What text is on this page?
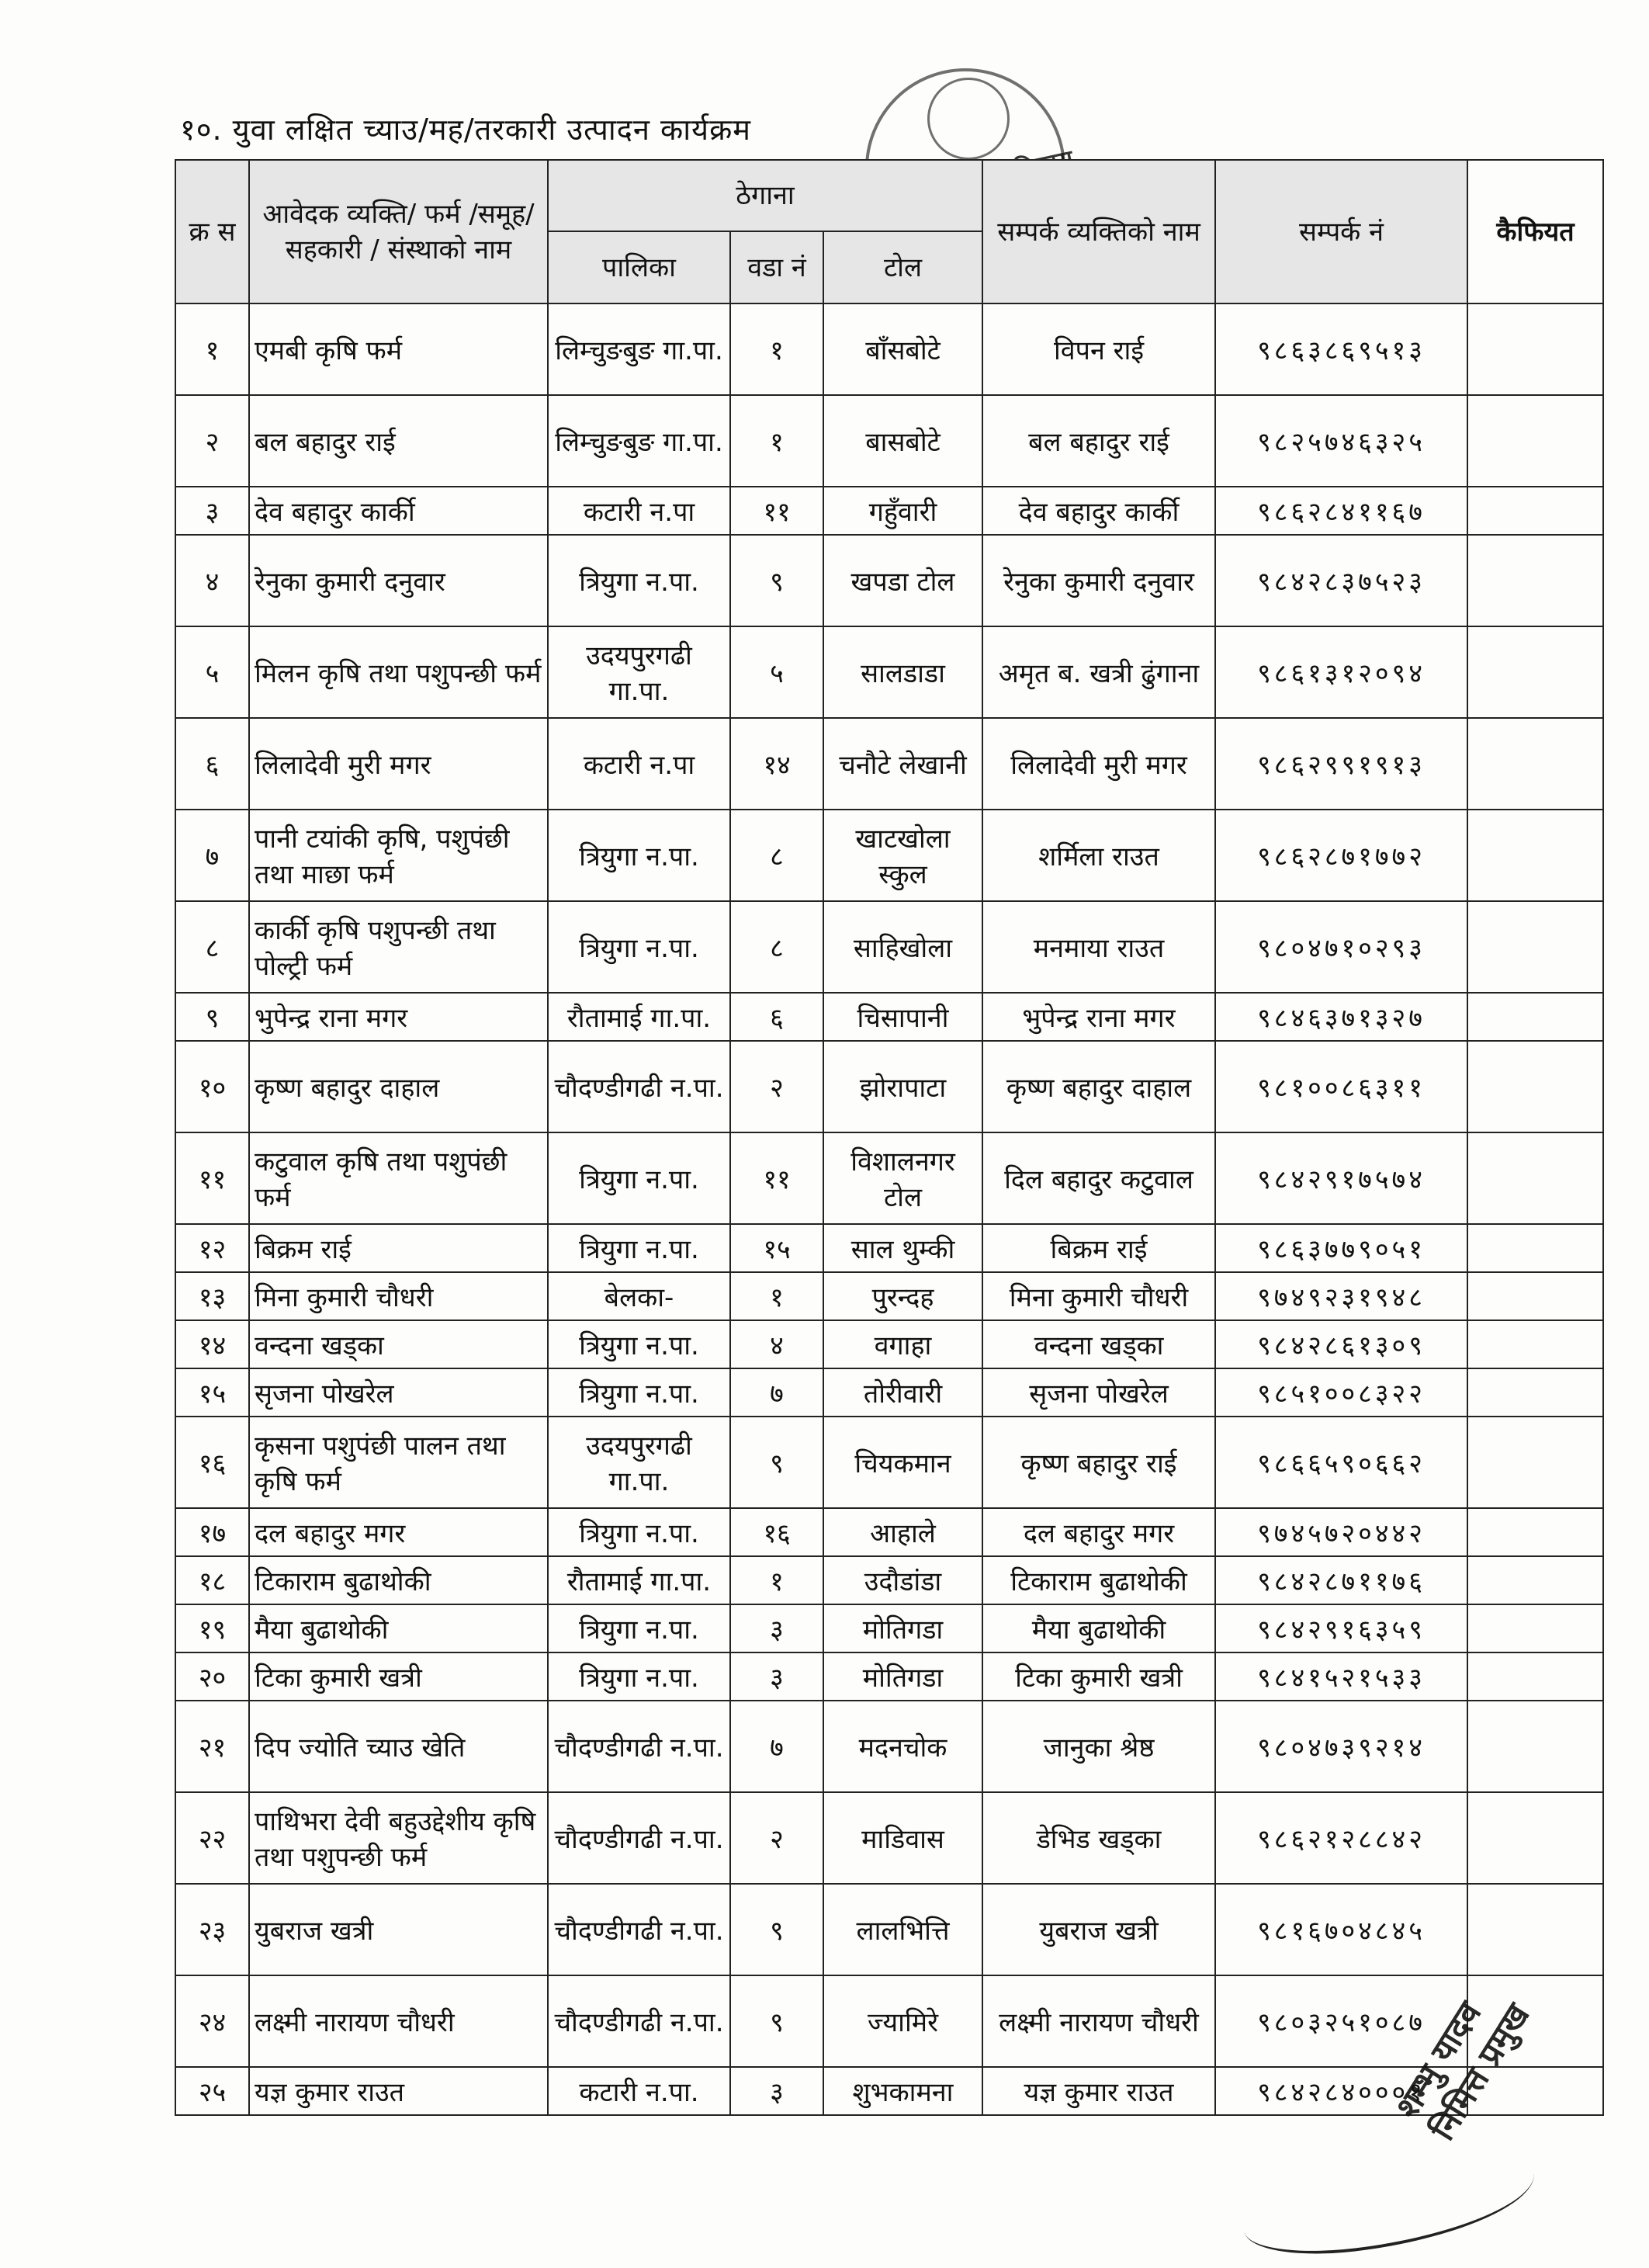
१०. युवा लक्षित च्याउ/मह/तरकारी उत्पादन कार्यक्रम
क्र स	आवेदक व्यक्ति/ फर्म /समूह/ सहकारी / संस्थाको नाम	ठेगाना			सम्पर्क व्यक्तिको नाम	सम्पर्क नं	कैफियत
		पालिका	वडा नं	टोल			
१	एमबी कृषि फर्म	लिम्चुङबुङ गा.पा.	१	बाँसबोटे	विपन राई	९८६३८६९५१३	
२	बल बहादुर राई	लिम्चुङबुङ गा.पा.	१	बासबोटे	बल बहादुर राई	९८२५७४६३२५	
३	देव बहादुर कार्की	कटारी न.पा	११	गहुँवारी	देव बहादुर कार्की	९८६२८४११६७	
४	रेनुका कुमारी दनुवार	त्रियुगा न.पा.	९	खपडा टोल	रेनुका कुमारी दनुवार	९८४२८३७५२३	
५	मिलन कृषि तथा पशुपन्छी फर्म	उदयपुरगढी गा.पा.	५	सालडाडा	अमृत ब. खत्री ढुंगाना	९८६१३१२०९४	
६	लिलादेवी मुरी मगर	कटारी न.पा	१४	चनौटे लेखानी	लिलादेवी मुरी मगर	९८६२९९१९१३	
७	पानी टयांकी कृषि, पशुपंछी तथा माछा फर्म	त्रियुगा न.पा.	८	खाटखोला स्कुल	शर्मिला राउत	९८६२८७१७७२	
८	कार्की कृषि पशुपन्छी तथा पोल्ट्री फर्म	त्रियुगा न.पा.	८	साहिखोला	मनमाया राउत	९८०४७१०२९३	
९	भुपेन्द्र राना मगर	रौतामाई गा.पा.	६	चिसापानी	भुपेन्द्र राना मगर	९८४६३७१३२७	
१०	कृष्ण बहादुर दाहाल	चौदण्डीगढी न.पा.	२	झोरापाटा	कृष्ण बहादुर दाहाल	९८१००८६३११	
११	कटुवाल कृषि तथा पशुपंछी फर्म	त्रियुगा न.पा.	११	विशालनगर टोल	दिल बहादुर कटुवाल	९८४२९१७५७४	
१२	बिक्रम राई	त्रियुगा न.पा.	१५	साल थुम्की	बिक्रम राई	९८६३७७९०५१	
१३	मिना कुमारी चौधरी	बेलका-	१	पुरन्दह	मिना कुमारी चौधरी	९७४९२३१९४८	
१४	वन्दना खड्का	त्रियुगा न.पा.	४	वगाहा	वन्दना खड्का	९८४२८६१३०९	
१५	सृजना पोखरेल	त्रियुगा न.पा.	७	तोरीवारी	सृजना पोखरेल	९८५१००८३२२	
१६	कृसना पशुपंछी पालन तथा कृषि फर्म	उदयपुरगढी गा.पा.	९	चियकमान	कृष्ण बहादुर राई	९८६६५९०६६२	
१७	दल बहादुर मगर	त्रियुगा न.पा.	१६	आहाले	दल बहादुर मगर	९७४५७२०४४२	
१८	टिकाराम बुढाथोकी	रौतामाई गा.पा.	१	उदौडांडा	टिकाराम बुढाथोकी	९८४२८७११७६	
१९	मैया बुढाथोकी	त्रियुगा न.पा.	३	मोतिगडा	मैया बुढाथोकी	९८४२९१६३५९	
२०	टिका कुमारी खत्री	त्रियुगा न.पा.	३	मोतिगडा	टिका कुमारी खत्री	९८४१५२१५३३	
२१	दिप ज्योति च्याउ खेति	चौदण्डीगढी न.पा.	७	मदनचोक	जानुका श्रेष्ठ	९८०४७३९२१४	
२२	पाथिभरा देवी बहुउद्देशीय कृषि तथा पशुपन्छी फर्म	चौदण्डीगढी न.पा.	२	माडिवास	डेभिड खड्का	९८६२१२८८४२	
२३	युबराज खत्री	चौदण्डीगढी न.पा.	९	लालभित्ति	युबराज खत्री	९८१६७०४८४५	
२४	लक्ष्मी नारायण चौधरी	चौदण्डीगढी न.पा.	९	ज्यामिरे	लक्ष्मी नारायण चौधरी	९८०३२५१०८७	
२५	यज्ञ कुमार राउत	कटारी न.पा.	३	शुभकामना	यज्ञ कुमार राउत	९८४२८४०००१	
शम्भु यादव निमित्त प्रमुख
